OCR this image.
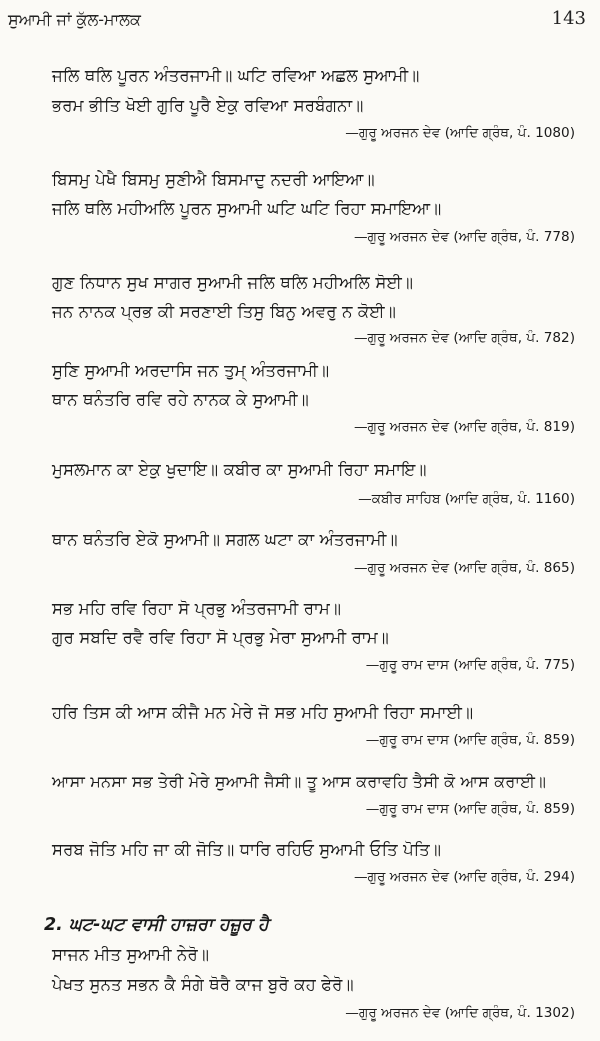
ਸੁਆਮੀ ਜਾਂ ਕੁੱਲ-ਮਾਲਕ	143
ਜਲਿ ਥਲਿ ਪੂਰਨ ਅੰਤਰਜਾਮੀ॥ ਘਟਿ ਰਵਿਆ ਅਛਲ ਸੁਆਮੀ॥
ਭਰਮ ਭੀਤਿ ਖੋਈ ਗੁਰਿ ਪੂਰੈ ਏਕੁ ਰਵਿਆ ਸਰਬੰਗਨਾ॥
—ਗੁਰੂ ਅਰਜਨ ਦੇਵ (ਆਦਿ ਗ੍ਰੰਥ, ਪੰ. 1080)
ਬਿਸਮੁ ਪੇਖੈ ਬਿਸਮੁ ਸੁਣੀਐ ਬਿਸਮਾਦੁ ਨਦਰੀ ਆਇਆ॥
ਜਲਿ ਥਲਿ ਮਹੀਅਲਿ ਪੂਰਨ ਸੁਆਮੀ ਘਟਿ ਘਟਿ ਰਿਹਾ ਸਮਾਇਆ॥
—ਗੁਰੂ ਅਰਜਨ ਦੇਵ (ਆਦਿ ਗ੍ਰੰਥ, ਪੰ. 778)
ਗੁਣ ਨਿਧਾਨ ਸੁਖ ਸਾਗਰ ਸੁਆਮੀ ਜਲਿ ਥਲਿ ਮਹੀਅਲਿ ਸੋਈ॥
ਜਨ ਨਾਨਕ ਪ੍ਰਭ ਕੀ ਸਰਣਾਈ ਤਿਸੁ ਬਿਨੁ ਅਵਰੁ ਨ ਕੋਈ॥
—ਗੁਰੂ ਅਰਜਨ ਦੇਵ (ਆਦਿ ਗ੍ਰੰਥ, ਪੰ. 782)
ਸੁਣਿ ਸੁਆਮੀ ਅਰਦਾਸਿ ਜਨ ਤੁਮ੍ ਅੰਤਰਜਾਮੀ॥
ਥਾਨ ਥਨੰਤਰਿ ਰਵਿ ਰਹੇ ਨਾਨਕ ਕੇ ਸੁਆਮੀ॥
—ਗੁਰੂ ਅਰਜਨ ਦੇਵ (ਆਦਿ ਗ੍ਰੰਥ, ਪੰ. 819)
ਮੁਸਲਮਾਨ ਕਾ ਏਕੁ ਖੁਦਾਇ॥ ਕਬੀਰ ਕਾ ਸੁਆਮੀ ਰਿਹਾ ਸਮਾਇ॥
—ਕਬੀਰ ਸਾਹਿਬ (ਆਦਿ ਗ੍ਰੰਥ, ਪੰ. 1160)
ਥਾਨ ਥਨੰਤਰਿ ਏਕੋ ਸੁਆਮੀ॥ ਸਗਲ ਘਟਾ ਕਾ ਅੰਤਰਜਾਮੀ॥
—ਗੁਰੂ ਅਰਜਨ ਦੇਵ (ਆਦਿ ਗ੍ਰੰਥ, ਪੰ. 865)
ਸਭ ਮਹਿ ਰਵਿ ਰਿਹਾ ਸੋ ਪ੍ਰਭੁ ਅੰਤਰਜਾਮੀ ਰਾਮ॥
ਗੁਰ ਸਬਦਿ ਰਵੈ ਰਵਿ ਰਿਹਾ ਸੋ ਪ੍ਰਭੁ ਮੇਰਾ ਸੁਆਮੀ ਰਾਮ॥
—ਗੁਰੂ ਰਾਮ ਦਾਸ (ਆਦਿ ਗ੍ਰੰਥ, ਪੰ. 775)
ਹਰਿ ਤਿਸ ਕੀ ਆਸ ਕੀਜੈ ਮਨ ਮੇਰੇ ਜੋ ਸਭ ਮਹਿ ਸੁਆਮੀ ਰਿਹਾ ਸਮਾਈ॥
—ਗੁਰੂ ਰਾਮ ਦਾਸ (ਆਦਿ ਗ੍ਰੰਥ, ਪੰ. 859)
ਆਸਾ ਮਨਸਾ ਸਭ ਤੇਰੀ ਮੇਰੇ ਸੁਆਮੀ ਜੈਸੀ॥ ਤੂ ਆਸ ਕਰਾਵਹਿ ਤੈਸੀ ਕੋ ਆਸ ਕਰਾਈ॥
—ਗੁਰੂ ਰਾਮ ਦਾਸ (ਆਦਿ ਗ੍ਰੰਥ, ਪੰ. 859)
ਸਰਬ ਜੋਤਿ ਮਹਿ ਜਾ ਕੀ ਜੋਤਿ॥ ਧਾਰਿ ਰਹਿਓ ਸੁਆਮੀ ਓਤਿ ਪੋਤਿ॥
—ਗੁਰੂ ਅਰਜਨ ਦੇਵ (ਆਦਿ ਗ੍ਰੰਥ, ਪੰ. 294)
2. ਘਟ-ਘਟ ਵਾਸੀ ਹਾਜ਼ਰਾ ਹਜ਼ੂਰ ਹੈ
ਸਾਜਨ ਮੀਤ ਸੁਆਮੀ ਨੇਰੋ॥
ਪੇਖਤ ਸੁਨਤ ਸਭਨ ਕੈ ਸੰਗੇ ਥੋਰੈ ਕਾਜ ਬੁਰੋ ਕਹ ਫੇਰੋ॥
—ਗੁਰੂ ਅਰਜਨ ਦੇਵ (ਆਦਿ ਗ੍ਰੰਥ, ਪੰ. 1302)
